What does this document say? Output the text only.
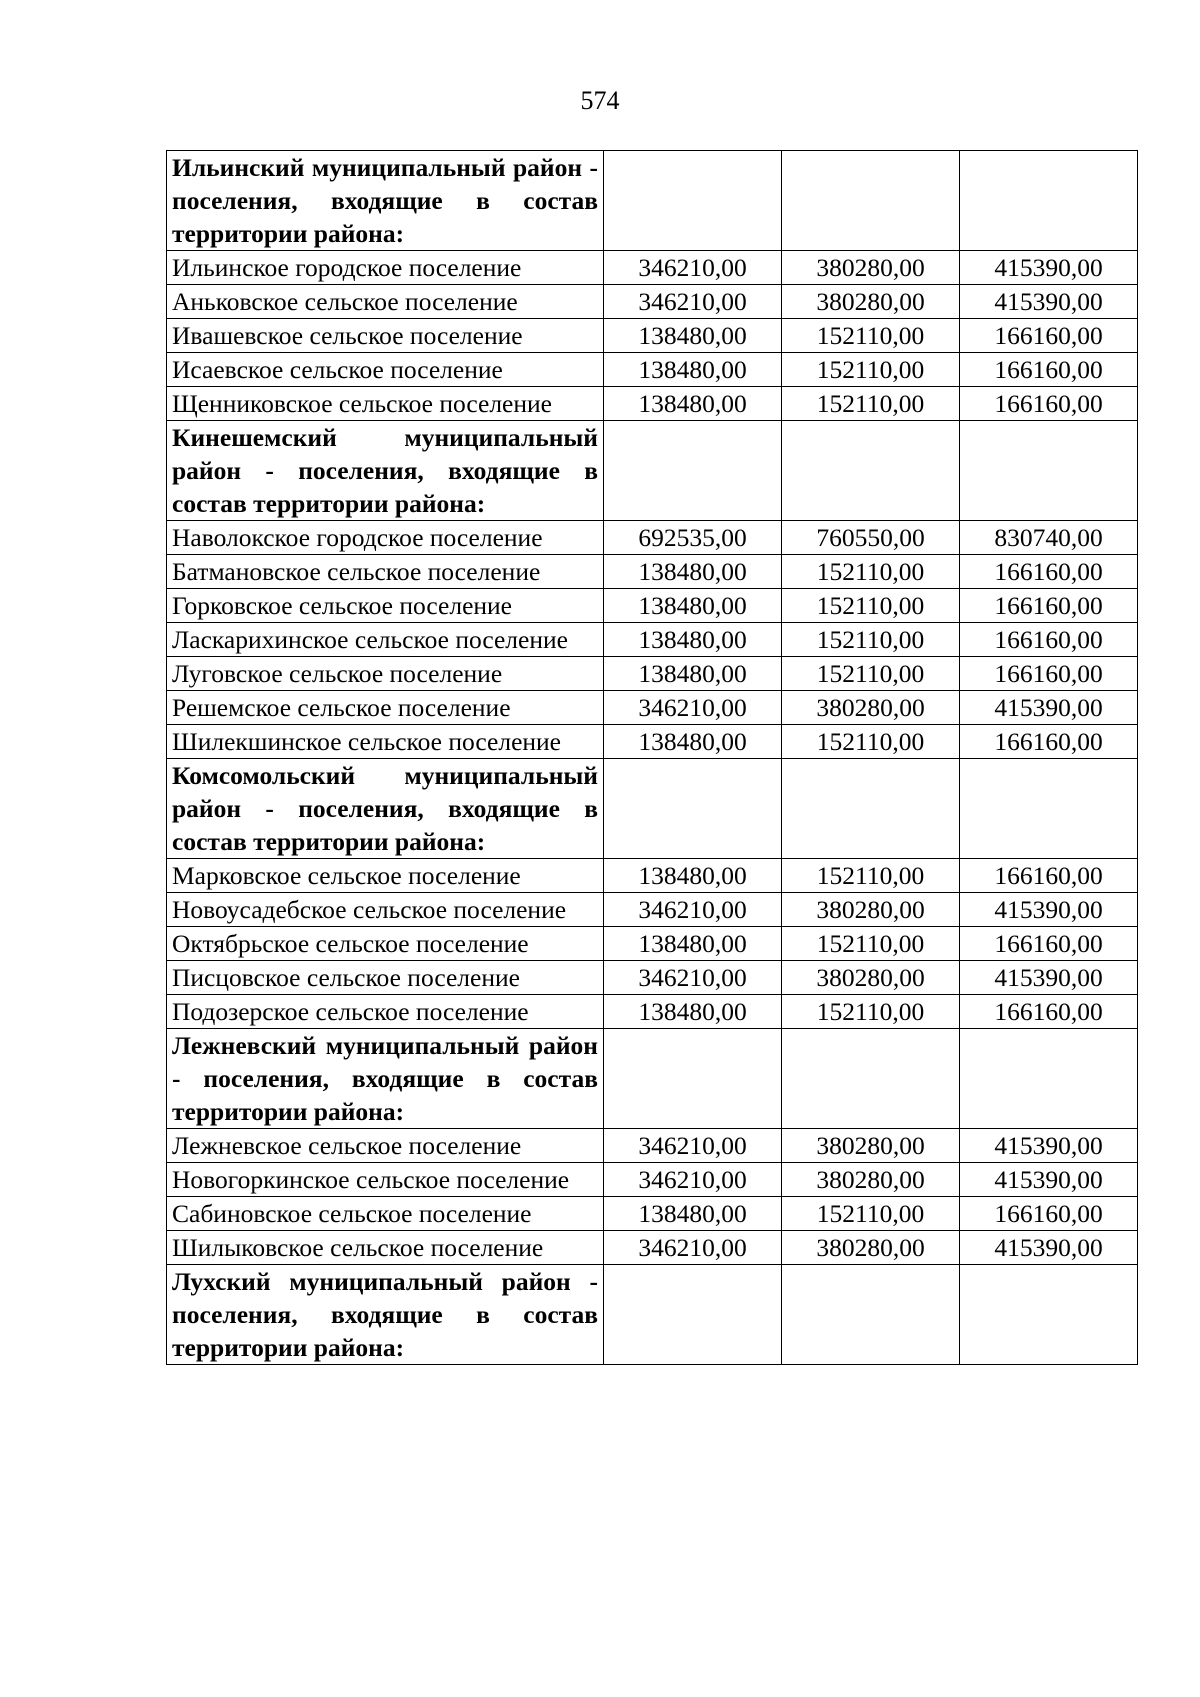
574
Ильинский муниципальный район - поселения, входящие в состав территории района:			
Ильинское городское поселение	346210,00	380280,00	415390,00
Аньковское сельское поселение	346210,00	380280,00	415390,00
Ивашевское сельское поселение	138480,00	152110,00	166160,00
Исаевское сельское поселение	138480,00	152110,00	166160,00
Щенниковское сельское поселение	138480,00	152110,00	166160,00
Кинешемский муниципальный район - поселения, входящие в состав территории района:			
Наволокское городское поселение	692535,00	760550,00	830740,00
Батмановское сельское поселение	138480,00	152110,00	166160,00
Горковское сельское поселение	138480,00	152110,00	166160,00
Ласкарихинское сельское поселение	138480,00	152110,00	166160,00
Луговское сельское поселение	138480,00	152110,00	166160,00
Решемское сельское поселение	346210,00	380280,00	415390,00
Шилекшинское сельское поселение	138480,00	152110,00	166160,00
Комсомольский муниципальный район - поселения, входящие в состав территории района:			
Марковское сельское поселение	138480,00	152110,00	166160,00
Новоусадебское сельское поселение	346210,00	380280,00	415390,00
Октябрьское сельское поселение	138480,00	152110,00	166160,00
Писцовское сельское поселение	346210,00	380280,00	415390,00
Подозерское сельское поселение	138480,00	152110,00	166160,00
Лежневский муниципальный район - поселения, входящие в состав территории района:			
Лежневское сельское поселение	346210,00	380280,00	415390,00
Новогоркинское сельское поселение	346210,00	380280,00	415390,00
Сабиновское сельское поселение	138480,00	152110,00	166160,00
Шилыковское сельское поселение	346210,00	380280,00	415390,00
Лухский муниципальный район - поселения, входящие в состав территории района:			
